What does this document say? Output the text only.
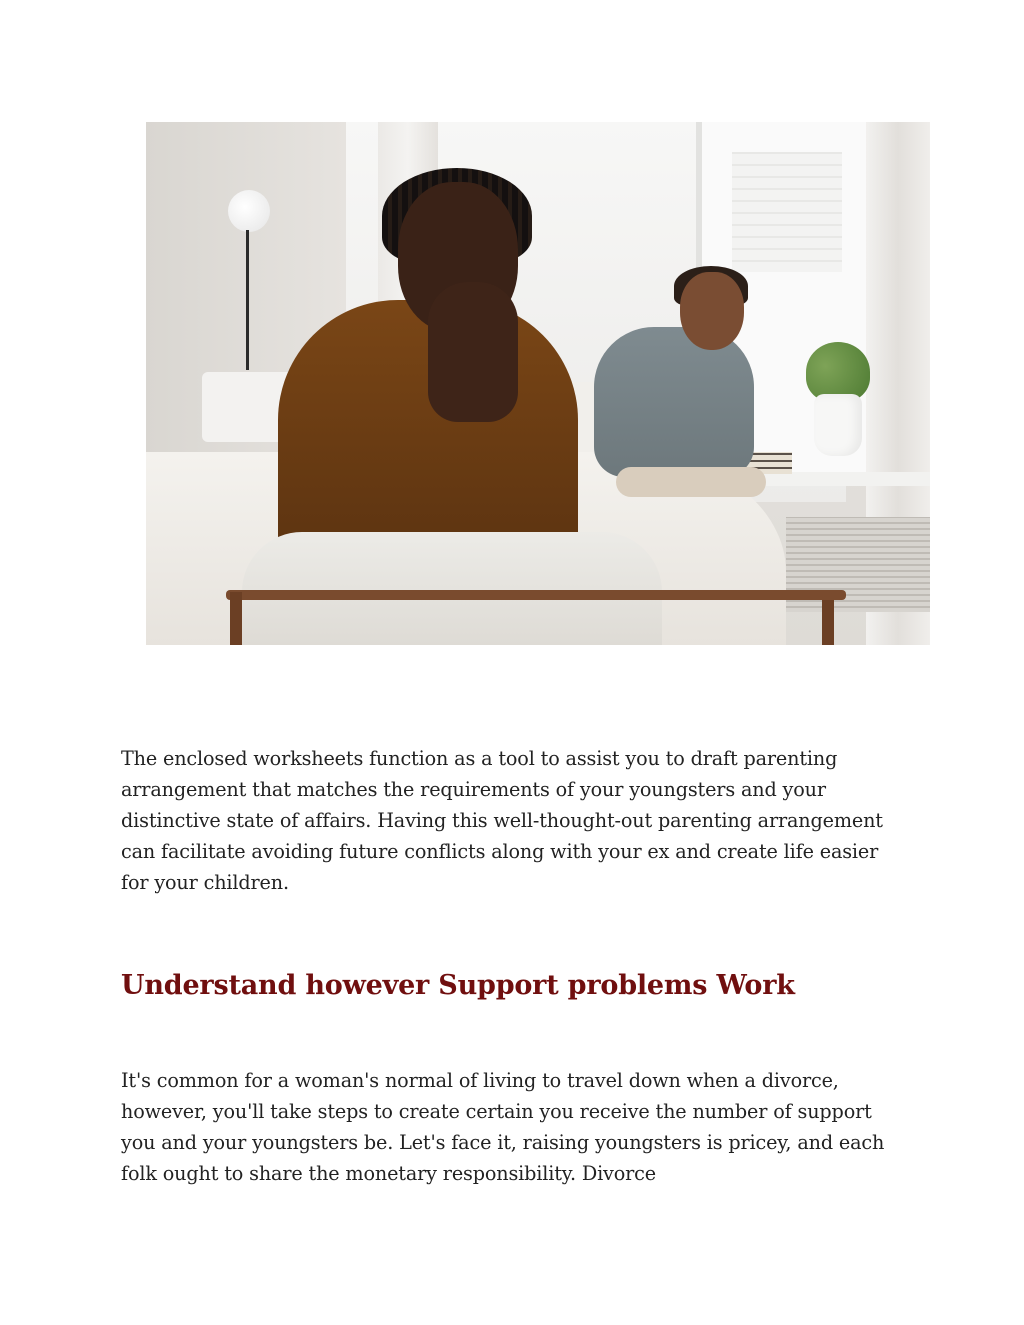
The enclosed worksheets function as a tool to assist you to draft parenting arrangement that matches the requirements of your youngsters and your distinctive state of affairs. Having this well-thought-out parenting arrangement can facilitate avoiding future conflicts along with your ex and create life easier for your children.

Understand however Support problems Work

It's common for a woman's normal of living to travel down when a divorce, however, you'll take steps to create certain you receive the number of support you and your youngsters be. Let's face it, raising youngsters is pricey, and each folk ought to share the monetary responsibility. Divorce
